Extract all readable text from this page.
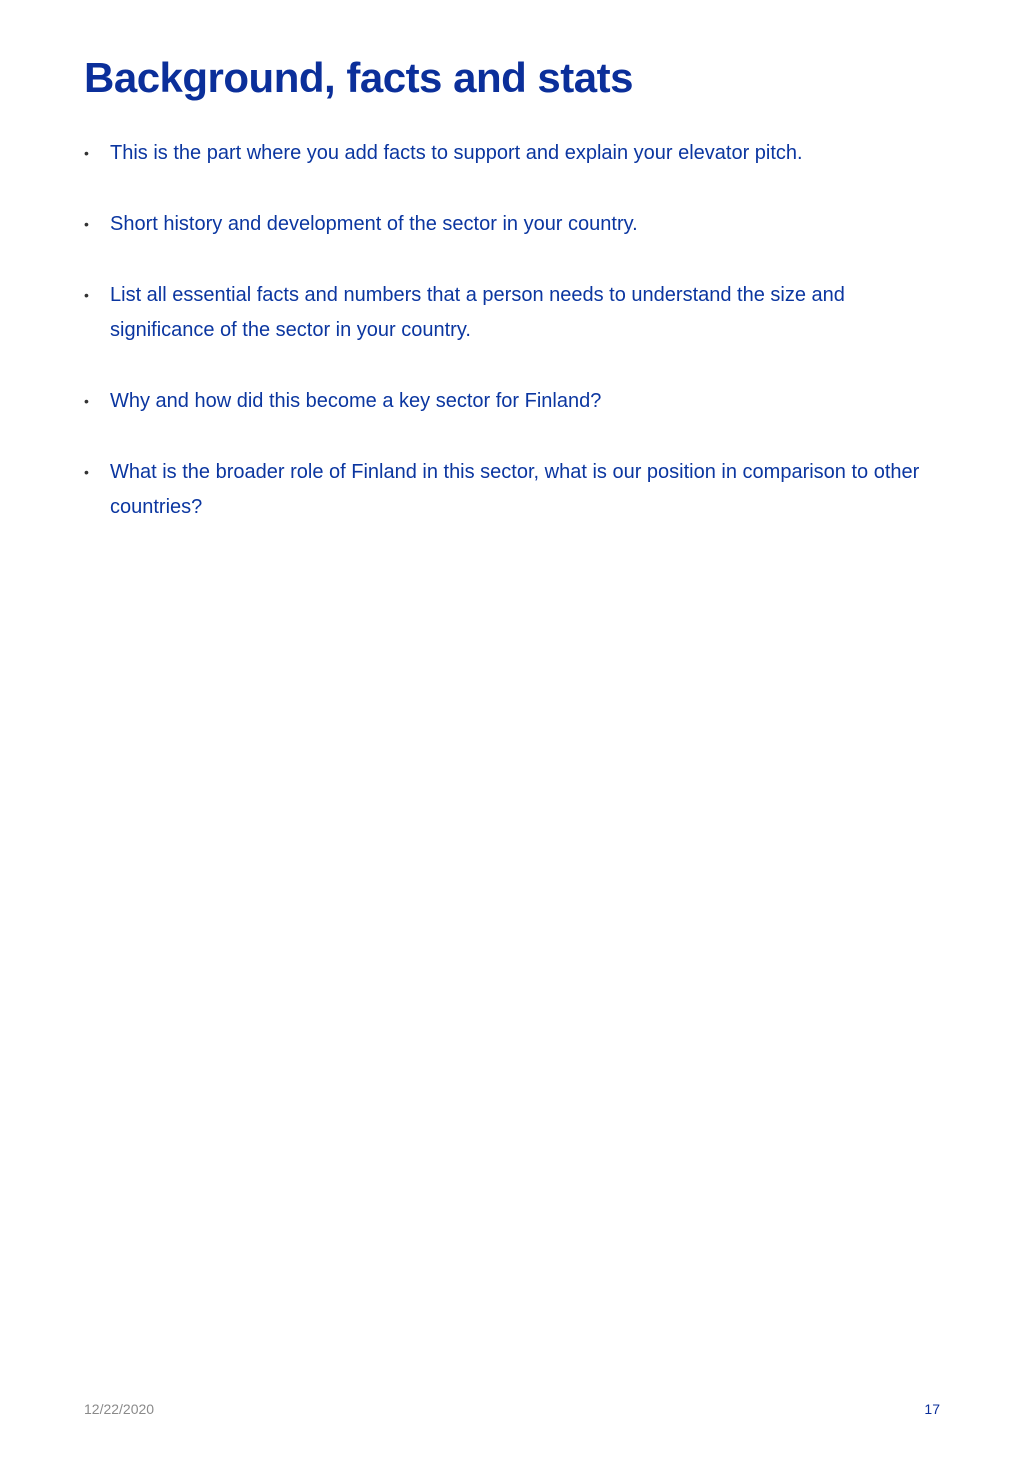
Background, facts and stats
• This is the part where you add facts to support and explain your elevator pitch.
• Short history and development of the sector in your country.
• List all essential facts and numbers that a person needs to understand the size and significance of the sector in your country.
• Why and how did this become a key sector for Finland?
• What is the broader role of Finland in this sector, what is our position in comparison to other countries?
12/22/2020	17
